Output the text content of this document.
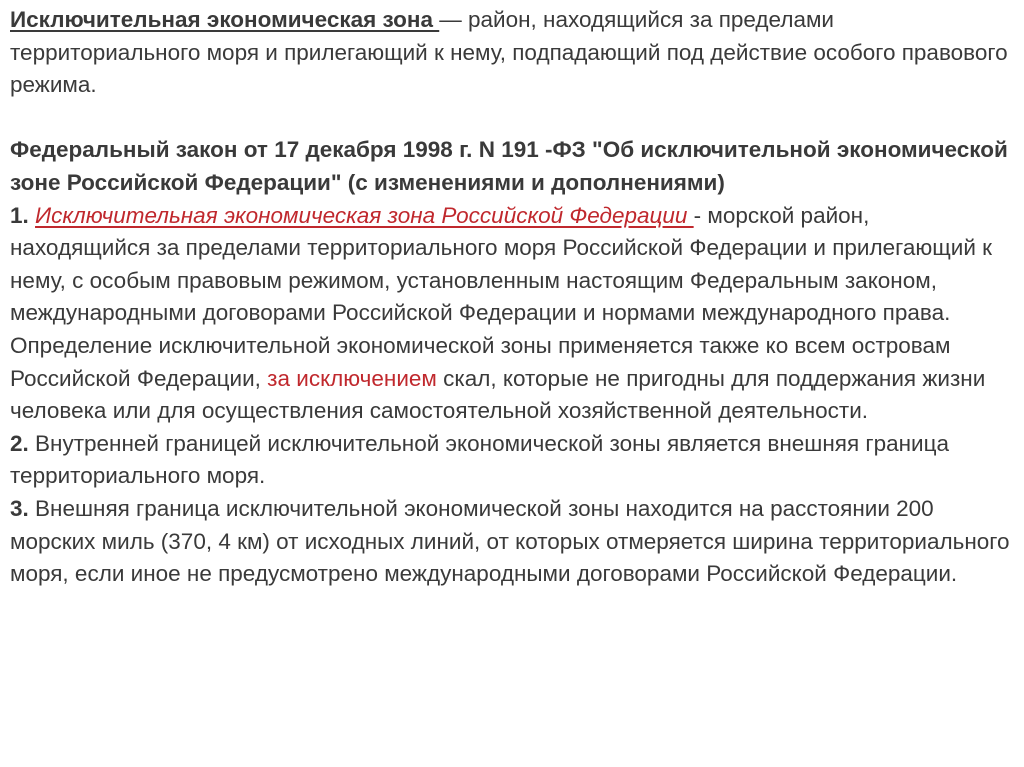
Исключительная экономическая зона — район, находящийся за пределами территориального моря и прилегающий к нему, подпадающий под действие особого правового режима.

Федеральный закон от 17 декабря 1998 г. N 191 -ФЗ "Об исключительной экономической зоне Российской Федерации" (с изменениями и дополнениями)

1. Исключительная экономическая зона Российской Федерации - морской район, находящийся за пределами территориального моря Российской Федерации и прилегающий к нему, с особым правовым режимом, установленным настоящим Федеральным законом, международными договорами Российской Федерации и нормами международного права.

Определение исключительной экономической зоны применяется также ко всем островам Российской Федерации, за исключением скал, которые не пригодны для поддержания жизни человека или для осуществления самостоятельной хозяйственной деятельности.

2. Внутренней границей исключительной экономической зоны является внешняя граница территориального моря.

3. Внешняя граница исключительной экономической зоны находится на расстоянии 200 морских миль (370, 4 км) от исходных линий, от которых отмеряется ширина территориального моря, если иное не предусмотрено международными договорами Российской Федерации.
